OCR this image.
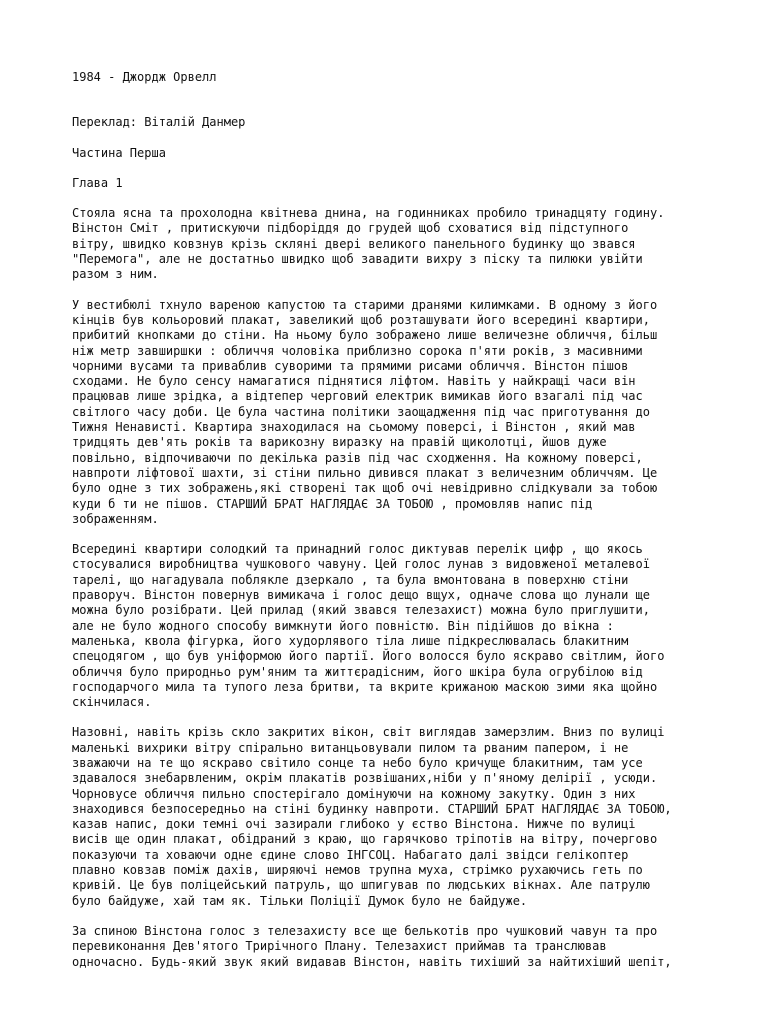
1984 - Джордж Орвелл
Переклад: Віталій Данмер
Частина Перша
Глава 1
Стояла ясна та прохолодна квітнева днина, на годинниках пробило тринадцяту годину.
Вінстон Сміт , притискуючи підборіддя до грудей щоб сховатися від підступного
вітру, швидко ковзнув крізь скляні двері великого панельного будинку що звався
"Перемога", але не достатньо швидко щоб завадити вихру з піску та пилюки увійти
разом з ним.
У вестибюлі тхнуло вареною капустою та старими дранями килимками. В одному з його
кінців був кольоровий плакат, завеликий щоб розташувати його всередині квартири,
прибитий кнопками до стіни. На ньому було зображено лише величезне обличчя, більш
ніж метр завширшки : обличчя чоловіка приблизно сорока п'яти років, з масивними
чорними вусами та приваблив суворими та прямими рисами обличчя. Вінстон пішов
сходами. Не було сенсу намагатися піднятися ліфтом. Навіть у найкращі часи він
працював лише зрідка, а відтепер черговий електрик вимикав його взагалі під час
світлого часу доби. Це була частина політики заощадження під час приготування до
Тижня Ненависті. Квартира знаходилася на сьомому поверсі, і Вінстон , який мав
тридцять дев'ять років та варикозну виразку на правій щиколотці, йшов дуже
повільно, відпочиваючи по декілька разів під час сходження. На кожному поверсі,
навпроти ліфтової шахти, зі стіни пильно дивився плакат з величезним обличчям. Це
було одне з тих зображень,які створені так щоб очі невідривно слідкували за тобою
куди б ти не пішов. СТАРШИЙ БРАТ НАГЛЯДАЄ ЗА ТОБОЮ , промовляв напис під
зображенням.
Всередині квартири солодкий та принадний голос диктував перелік цифр , що якось
стосувалися виробництва чушкового чавуну. Цей голос лунав з видовженої металевої
тарелі, що нагадувала поблякле дзеркало , та була вмонтована в поверхню стіни
праворуч. Вінстон повернув вимикача і голос дещо вщух, одначе слова що лунали ще
можна було розібрати. Цей прилад (який звався телезахист) можна було приглушити,
але не було жодного способу вимкнути його повністю. Він підійшов до вікна :
маленька, квола фігурка, його худорлявого тіла лише підкреслювалась блакитним
спецодягом , що був уніформою його партії. Його волосся було яскраво світлим, його
обличчя було природньо рум'яним та життєрадісним, його шкіра була огрубілою від
господарчого мила та тупого леза бритви, та вкрите крижаною маскою зими яка щойно
скінчилася.
Назовні, навіть крізь скло закритих вікон, світ виглядав замерзлим. Вниз по вулиці
маленькі вихрики вітру спірально витанцьовували пилом та рваним папером, і не
зважаючи на те що яскраво світило сонце та небо було кричуще блакитним, там усе
здавалося знебарвленим, окрім плакатів розвішаних,ніби у п'яному делірії , усюди.
Чорновусе обличчя пильно спостерігало домінуючи на кожному закутку. Один з них
знаходився безпосередньо на стіні будинку навпроти. СТАРШИЙ БРАТ НАГЛЯДАЄ ЗА ТОБОЮ,
казав напис, доки темні очі зазирали глибоко у єство Вінстона. Нижче по вулиці
висів ще один плакат, обідраний з краю, що гарячково тріпотів на вітру, почергово
показуючи та ховаючи одне єдине слово ІНГСОЦ. Набагато далі звідси гелікоптер
плавно ковзав поміж дахів, ширяючі немов трупна муха, стрімко рухаючись геть по
кривій. Це був поліцейський патруль, що шпигував по людських вікнах. Але патрулю
було байдуже, хай там як. Тільки Поліції Думок було не байдуже.
За спиною Вінстона голос з телезахисту все ще белькотів про чушковий чавун та про
перевиконання Дев'ятого Трирічного Плану. Телезахист приймав та транслював
одночасно. Будь-який звук який видавав Вінстон, навіть тихіший за найтихіший шепіт,
